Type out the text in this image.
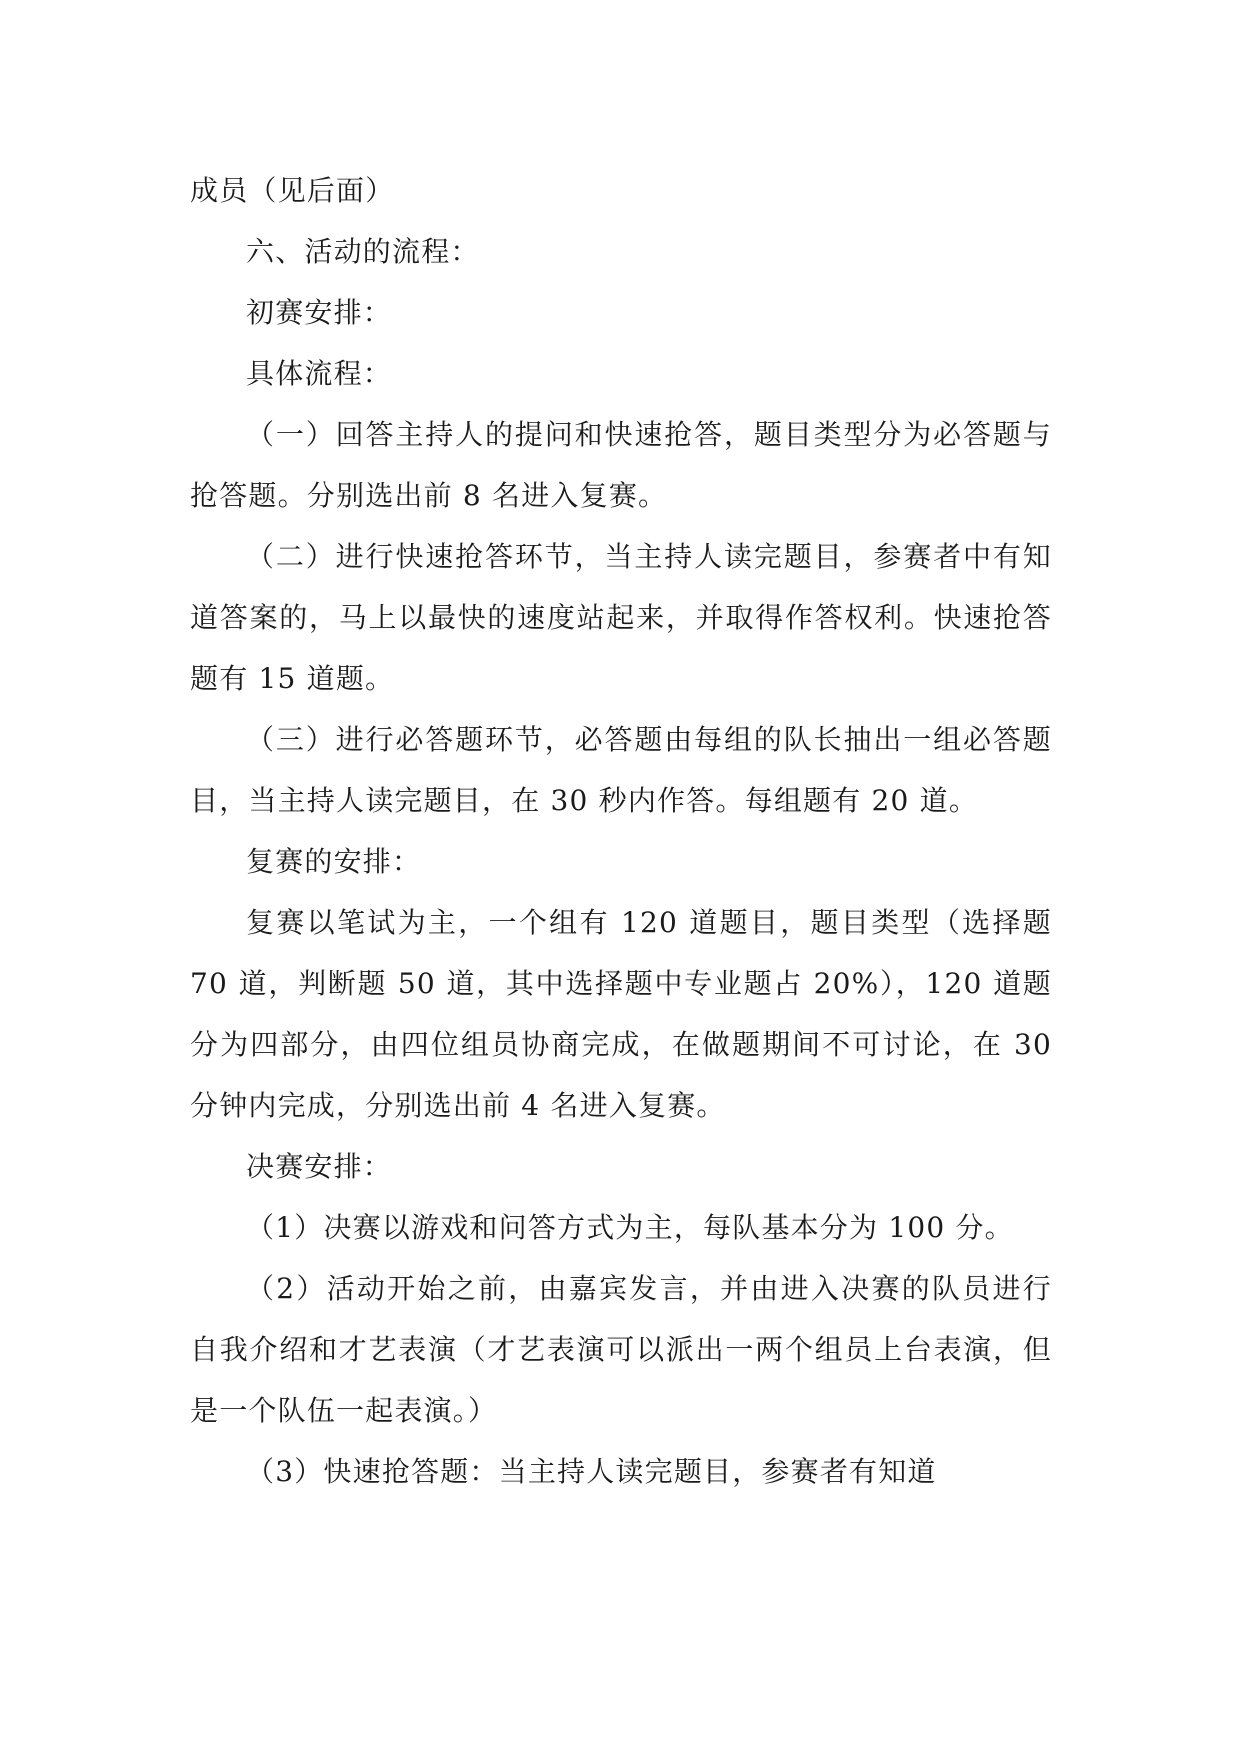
成员（见后面）

六、活动的流程：

初赛安排：

具体流程：

（一）回答主持人的提问和快速抢答，题目类型分为必答题与抢答题。分别选出前 8 名进入复赛。

（二）进行快速抢答环节，当主持人读完题目，参赛者中有知道答案的，马上以最快的速度站起来，并取得作答权利。快速抢答题有 15 道题。

（三）进行必答题环节，必答题由每组的队长抽出一组必答题目，当主持人读完题目，在 30 秒内作答。每组题有 20 道。

复赛的安排：

复赛以笔试为主，一个组有 120 道题目，题目类型（选择题 70 道，判断题 50 道，其中选择题中专业题占 20%），120 道题分为四部分，由四位组员协商完成，在做题期间不可讨论，在 30 分钟内完成，分别选出前 4 名进入复赛。

决赛安排：

（1）决赛以游戏和问答方式为主，每队基本分为 100 分。

（2）活动开始之前，由嘉宾发言，并由进入决赛的队员进行自我介绍和才艺表演（才艺表演可以派出一两个组员上台表演，但是一个队伍一起表演。）

（3）快速抢答题：当主持人读完题目，参赛者有知道
